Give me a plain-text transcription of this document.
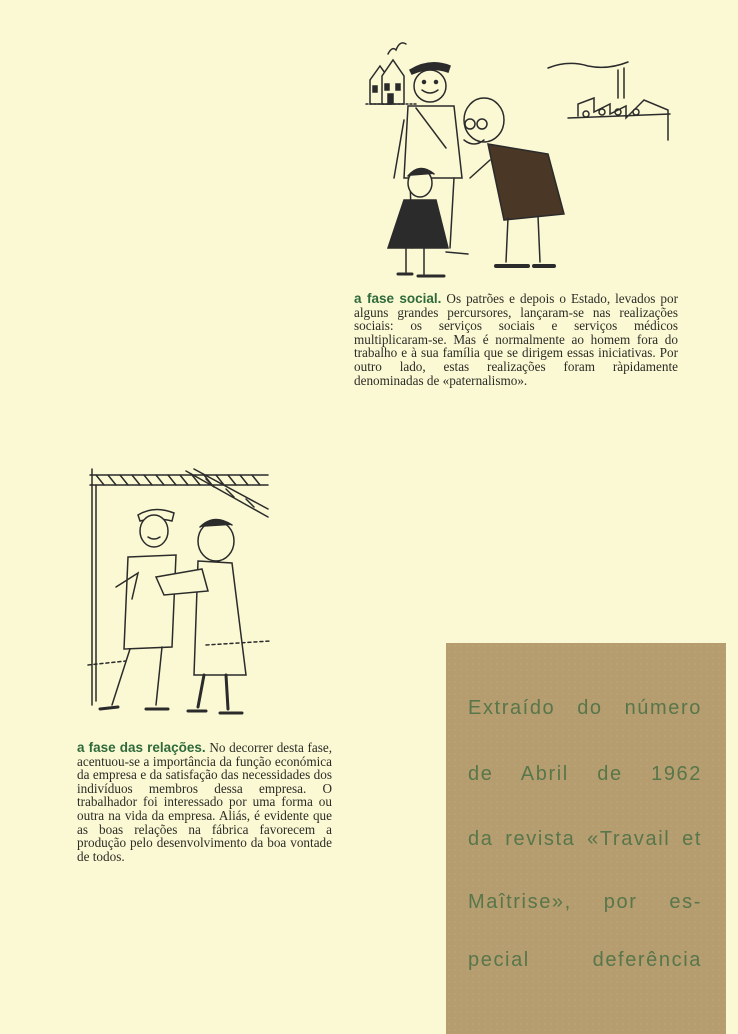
a fase social. Os patrões e depois o Estado, levados por alguns grandes percursores, lançaram-se nas realizações sociais: os serviços sociais e serviços médicos multiplicaram-se. Mas é normalmente ao homem fora do trabalho e à sua família que se dirigem essas iniciativas. Por outro lado, estas realizações foram ràpidamente denominadas de «paternalismo».

a fase das relações. No decorrer desta fase, acentuou-se a importância da função económica da empresa e da satisfação das necessidades dos indivíduos membros dessa empresa. O trabalhador foi interessado por uma forma ou outra na vida da empresa. Aliás, é evidente que as boas relações na fábrica favorecem a produção pelo desenvolvimento da boa vontade de todos.

Extraído do número
de Abril de 1962
da revista «Travail et
Maîtrise», por es-
pecial deferência
